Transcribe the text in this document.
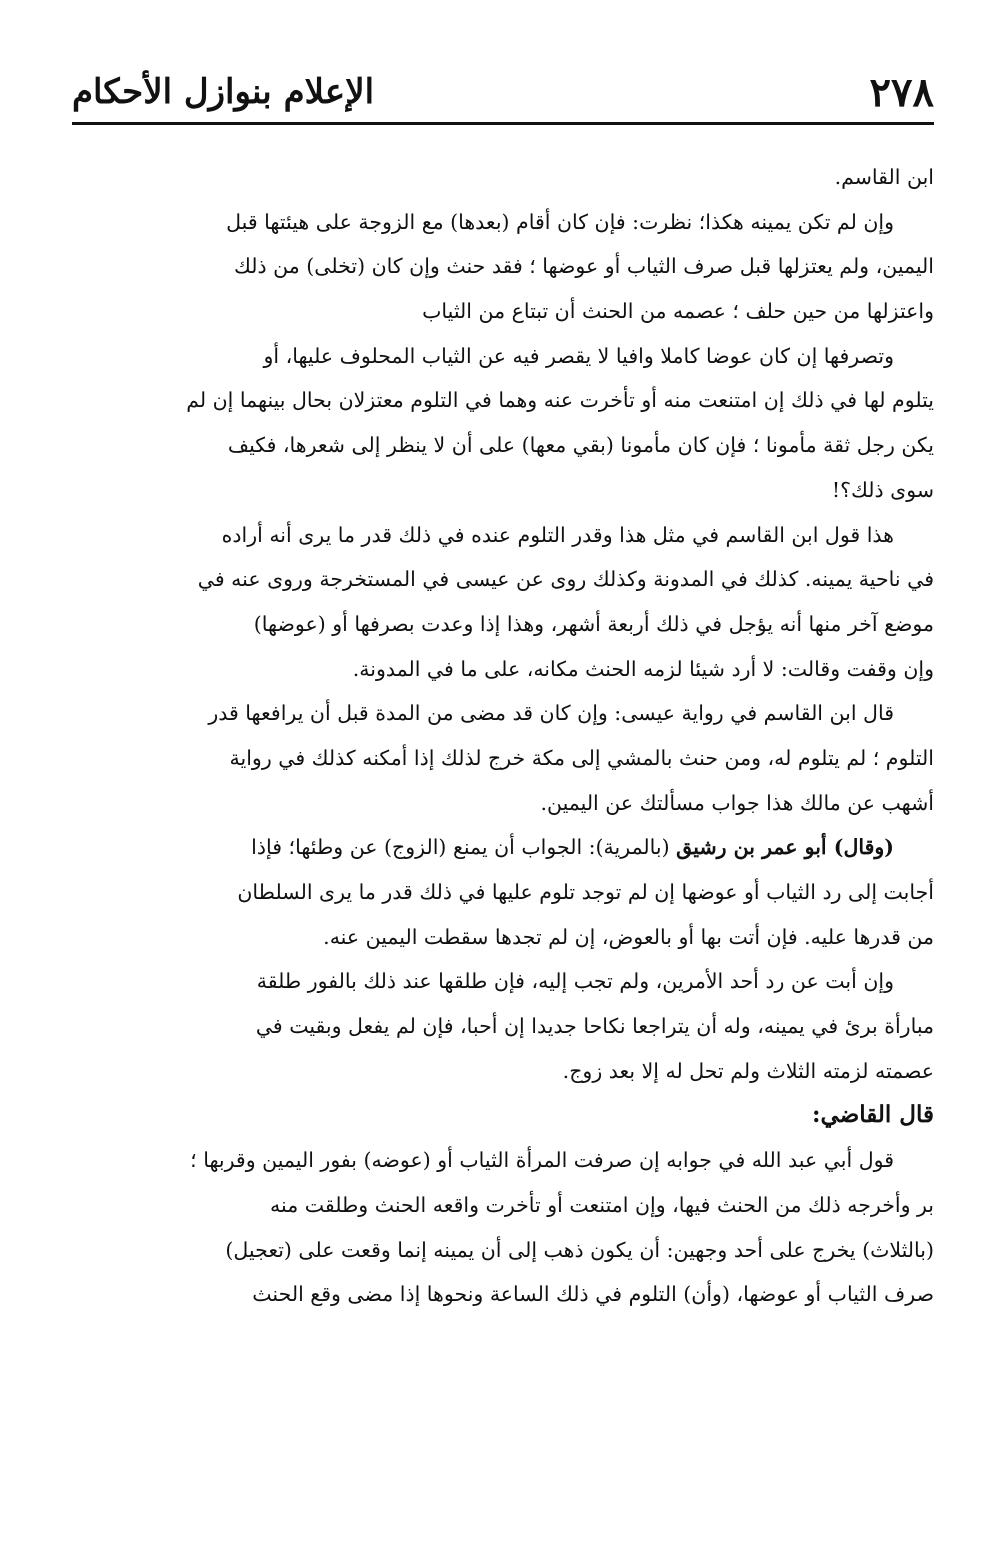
٢٧٨
الإعلام بنوازل الأحكام
ابن القاسم.
وإن لم تكن يمينه هكذا؛ نظرت: فإن كان أقام (بعدها) مع الزوجة على هيئتها قبل
اليمين، ولم يعتزلها قبل صرف الثياب أو عوضها ؛ فقد حنث وإن كان (تخلى) من ذلك
واعتزلها من حين حلف ؛ عصمه من الحنث أن تبتاع من الثياب
وتصرفها إن كان عوضا كاملا وافيا لا يقصر فيه عن الثياب المحلوف عليها، أو
يتلوم لها في ذلك إن امتنعت منه أو تأخرت عنه وهما في التلوم معتزلان بحال بينهما إن لم
يكن رجل ثقة مأمونا ؛ فإن كان مأمونا (بقي معها) على أن لا ينظر إلى شعرها، فكيف
سوى ذلك؟!
هذا قول ابن القاسم في مثل هذا وقدر التلوم عنده في ذلك قدر ما يرى أنه أراده
في ناحية يمينه. كذلك في المدونة وكذلك روى عن عيسى في المستخرجة وروى عنه في
موضع آخر منها أنه يؤجل في ذلك أربعة أشهر، وهذا إذا وعدت بصرفها أو (عوضها)
وإن وقفت وقالت: لا أرد شيئا لزمه الحنث مكانه، على ما في المدونة.
قال ابن القاسم في رواية عيسى: وإن كان قد مضى من المدة قبل أن يرافعها قدر
التلوم ؛ لم يتلوم له، ومن حنث بالمشي إلى مكة خرج لذلك إذا أمكنه كذلك في رواية
أشهب عن مالك هذا جواب مسألتك عن اليمين.
(وقال) أبو عمر بن رشيق (بالمرية): الجواب أن يمنع (الزوج) عن وطئها؛ فإذا
أجابت إلى رد الثياب أو عوضها إن لم توجد تلوم عليها في ذلك قدر ما يرى السلطان
من قدرها عليه. فإن أتت بها أو بالعوض، إن لم تجدها سقطت اليمين عنه.
وإن أبت عن رد أحد الأمرين، ولم تجب إليه، فإن طلقها عند ذلك بالفور طلقة
مبارأة برئ في يمينه، وله أن يتراجعا نكاحا جديدا إن أحبا، فإن لم يفعل وبقيت في
عصمته لزمته الثلاث ولم تحل له إلا بعد زوج.
قال القاضي:
قول أبي عبد الله في جوابه إن صرفت المرأة الثياب أو (عوضه) بفور اليمين وقربها ؛
بر وأخرجه ذلك من الحنث فيها، وإن امتنعت أو تأخرت واقعه الحنث وطلقت منه
(بالثلاث) يخرج على أحد وجهين: أن يكون ذهب إلى أن يمينه إنما وقعت على (تعجيل)
صرف الثياب أو عوضها، (وأن) التلوم في ذلك الساعة ونحوها إذا مضى وقع الحنث
